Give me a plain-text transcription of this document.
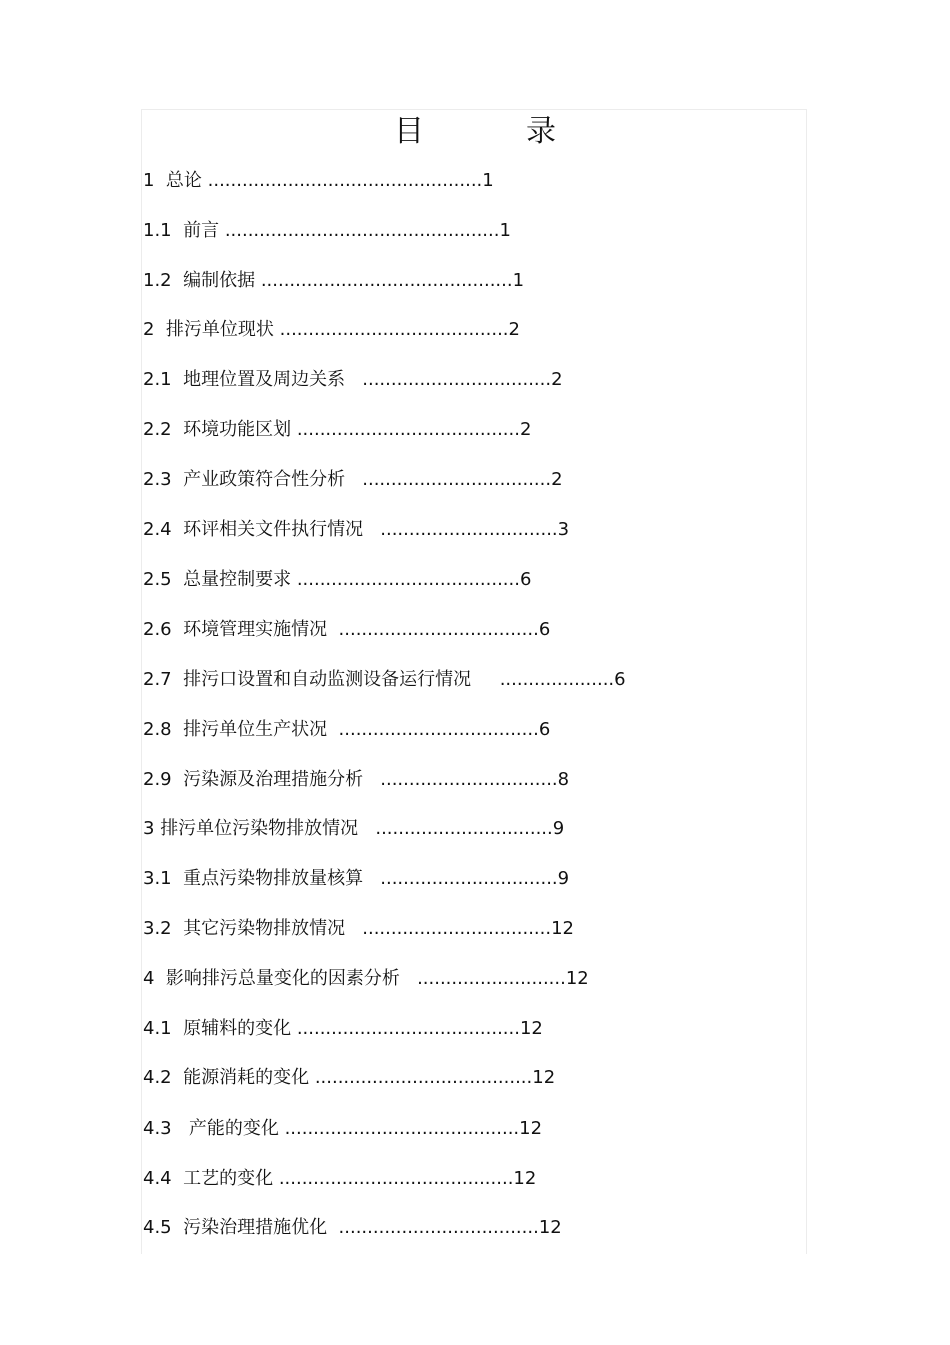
目　录
1 总论 ................................................1
1.1 前言 ................................................1
1.2 编制依据 ............................................1
2 排污单位现状 ........................................2
2.1 地理位置及周边关系 .................................2
2.2 环境功能区划 .......................................2
2.3 产业政策符合性分析 .................................2
2.4 环评相关文件执行情况 ...............................3
2.5 总量控制要求 .......................................6
2.6 环境管理实施情况 ...................................6
2.7 排污口设置和自动监测设备运行情况 ....................6
2.8 排污单位生产状况 ...................................6
2.9 污染源及治理措施分析 ...............................8
3 排污单位污染物排放情况 ...............................9
3.1 重点污染物排放量核算 ...............................9
3.2 其它污染物排放情况 .................................12
4 影响排污总量变化的因素分析 ..........................12
4.1 原辅料的变化 .......................................12
4.2 能源消耗的变化 ......................................12
4.3   产能的变化 .........................................12
4.4 工艺的变化 .........................................12
4.5 污染治理措施优化 ...................................12
